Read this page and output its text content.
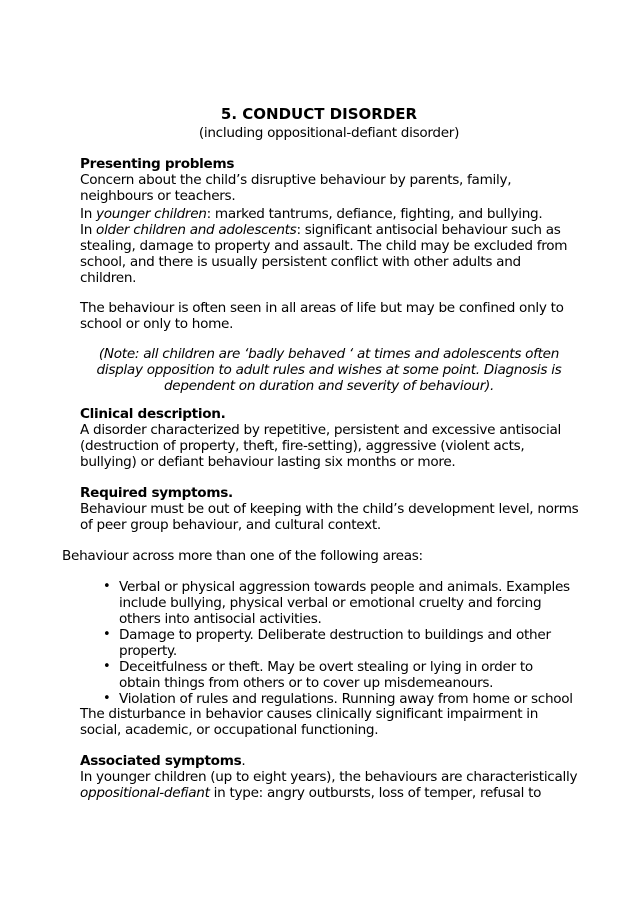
5. CONDUCT DISORDER
(including oppositional-defiant disorder)
Presenting problems
Concern about the child’s disruptive behaviour by parents, family,
neighbours or teachers.
In younger children: marked tantrums, defiance, fighting, and bullying.
In older children and adolescents: significant antisocial behaviour such as
stealing, damage to property and assault. The child may be excluded from
school, and there is usually persistent conflict with other adults and
children.
The behaviour is often seen in all areas of life but may be confined only to
school or only to home.
(Note: all children are ‘badly behaved ‘ at times and adolescents often
display opposition to adult rules and wishes at some point. Diagnosis is
dependent on duration and severity of behaviour).
Clinical description.
A disorder characterized by repetitive, persistent and excessive antisocial
(destruction of property, theft, fire-setting), aggressive (violent acts,
bullying) or defiant behaviour lasting six months or more.
Required symptoms.
Behaviour must be out of keeping with the child’s development level, norms
of peer group behaviour, and cultural context.
Behaviour across more than one of the following areas:
• Verbal or physical aggression towards people and animals. Examples
include bullying, physical verbal or emotional cruelty and forcing
others into antisocial activities.
• Damage to property. Deliberate destruction to buildings and other
property.
• Deceitfulness or theft. May be overt stealing or lying in order to
obtain things from others or to cover up misdemeanours.
• Violation of rules and regulations. Running away from home or school
The disturbance in behavior causes clinically significant impairment in
social, academic, or occupational functioning.
Associated symptoms.
In younger children (up to eight years), the behaviours are characteristically
oppositional-defiant in type: angry outbursts, loss of temper, refusal to
